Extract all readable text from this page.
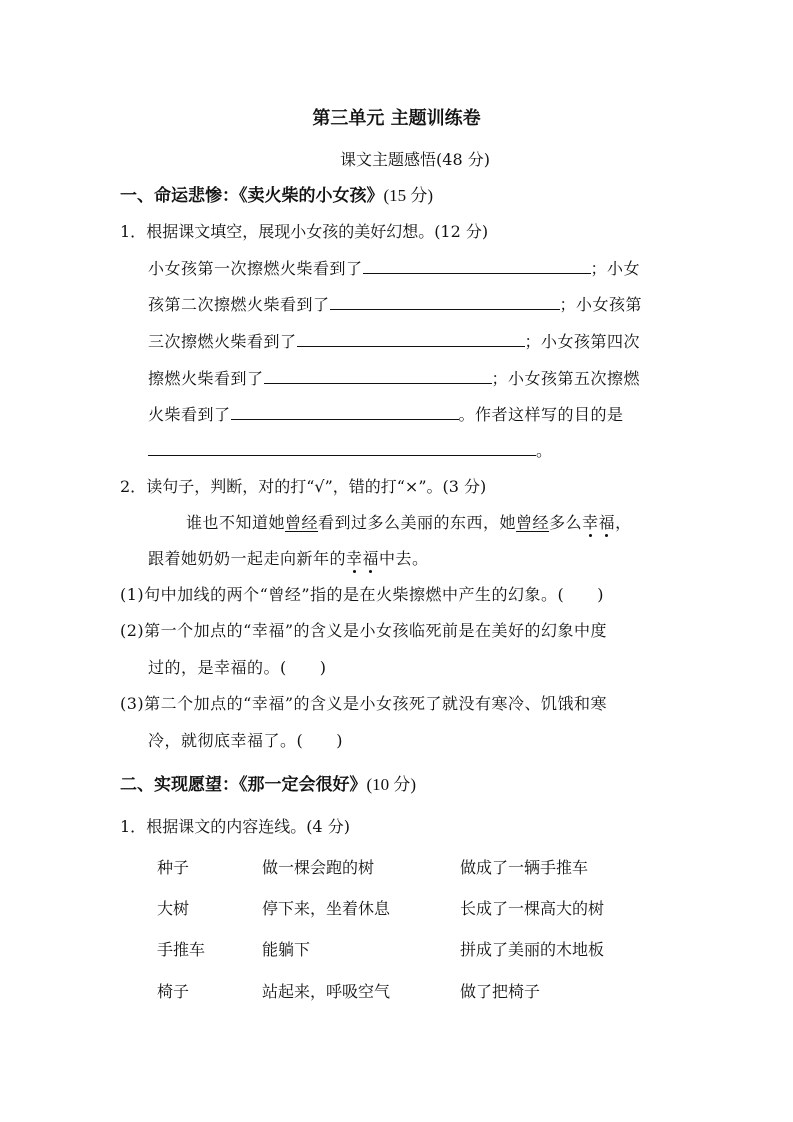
第三单元 主题训练卷
课文主题感悟(48 分)
一、命运悲惨：《卖火柴的小女孩》(15 分)
1．根据课文填空，展现小女孩的美好幻想。(12 分)
小女孩第一次擦燃火柴看到了	；小女
孩第二次擦燃火柴看到了	；小女孩第
三次擦燃火柴看到了	；小女孩第四次
擦燃火柴看到了	；小女孩第五次擦燃
火柴看到了	。作者这样写的目的是
。
2．读句子，判断，对的打“√”，错的打“×”。(3 分)
谁也不知道她曾经看到过多么美丽的东西，她曾经多么幸福，
跟着她奶奶一起走向新年的幸福中去。
(1)句中加线的两个“曾经”指的是在火柴擦燃中产生的幻象。(　　)
(2)第一个加点的“幸福”的含义是小女孩临死前是在美好的幻象中度
过的，是幸福的。(　　)
(3)第二个加点的“幸福”的含义是小女孩死了就没有寒冷、饥饿和寒
冷，就彻底幸福了。(　　)
二、实现愿望：《那一定会很好》(10 分)
1．根据课文的内容连线。(4 分)
种子	做一棵会跑的树	做成了一辆手推车
大树	停下来，坐着休息	长成了一棵高大的树
手推车	能躺下	拼成了美丽的木地板
椅子	站起来，呼吸空气	做了把椅子
